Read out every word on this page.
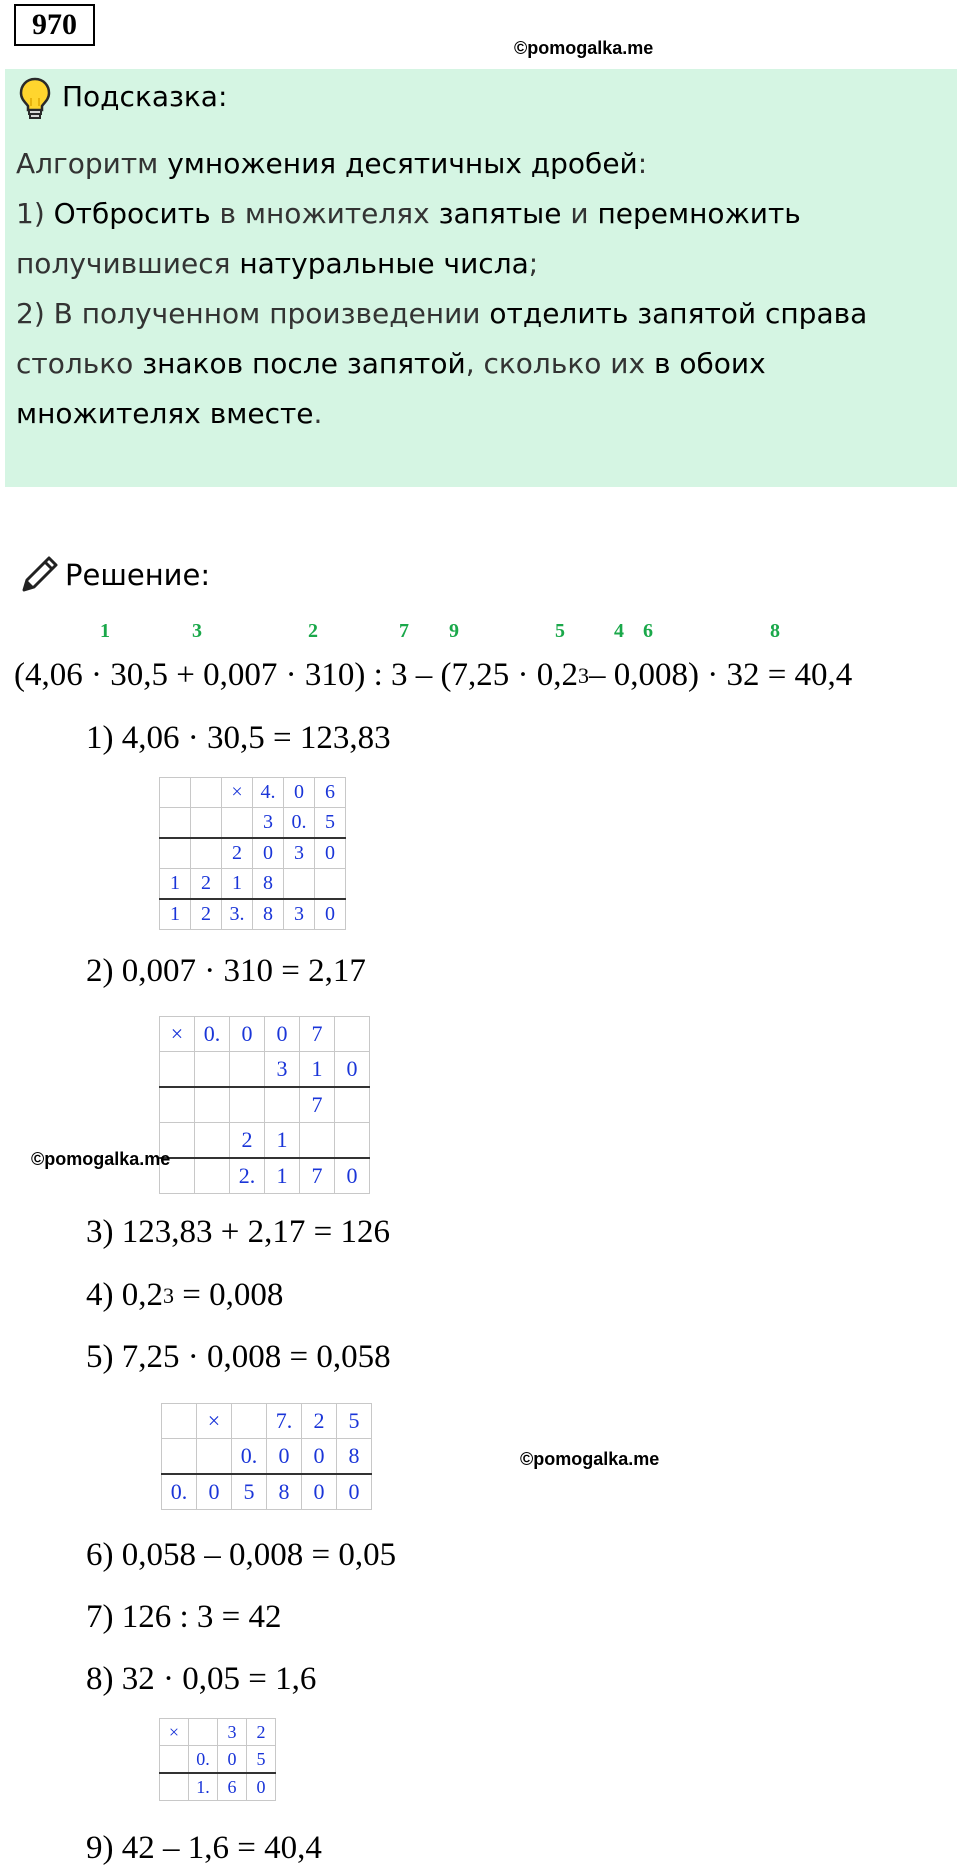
970
©pomogalka.me
Подсказка:
Алгоритм умножения десятичных дробей:
1) Отбросить в множителях запятые и перемножить
получившиеся натуральные числа;
2) В полученном произведении отделить запятой справа
столько знаков после запятой, сколько их в обоих
множителях вместе.
Решение:
1	3	2	7 9	5 4 6	8
(4,06 · 30,5 + 0,007 · 310) : $3 - (7,25 \cdot 0,2^3-$ 0,008) · 32 = 40,4
1) 4,06 · 30,5 = 123,83
2) 0,007 · 310 = 2,17
3) 123,83 + 2,17 = 126
4) $0,2^3 = 0,008$
5) 7,25 · 0,008 = 0,058
6) 0,058 – 0,008 = 0,05
7) 126 : 3 = 42
8) 32 · 0,05 = 1,6
9) 42 – 1,6 = 40,4
		×	4.	0	6
			3	0.	5
		2	0	3	0
1	2	1	8		
1	2	3.	8	3	0
×	0.	0	0	7	
			3	1	0
				7	
		2	1		
		2.	1	7	0
	×		7.	2	5
		0.	0	0	8
0.	0	5	8	0	0
×		3	2
	0.	0	5
	1.	6	0
©pomogalka.me
©pomogalka.me
